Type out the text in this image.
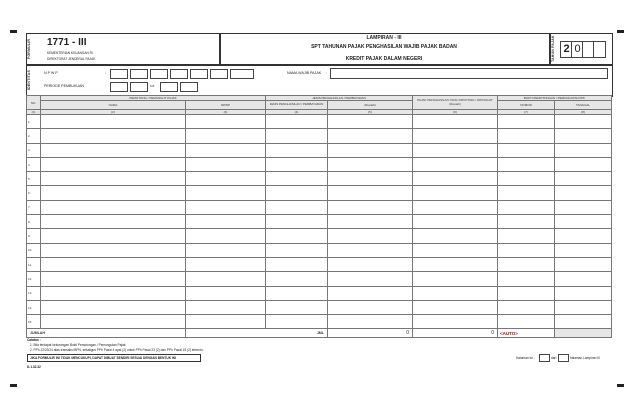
FORMULIR	1771 - III
KEMENTERIAN KEUANGAN RI
DIREKTORAT JENDERAL PAJAK
LAMPIRAN - III
SPT TAHUNAN PAJAK PENGHASILAN WAJIB PAJAK BADAN
KREDIT PAJAK DALAM NEGERI	TAHUN PAJAK 2 0
IDENTITAS	N P W P	:	NAMA WAJIB PAJAK :
PERIODE PEMBUKUAN	:	s.d
NO.	PEMOTONG / PEMUNGUT PAJAK		JENIS PENGHASILAN / PEMBAYARAN		PAJAK PENGHASILAN YANG DIPOTONG / DIPUNGUT (Rupiah)	BUKTI PEMOTONGAN / PEMUNGUTAN PPh	
	NAMA	NPWP	JENIS PENGHASILAN / PEMBAYARAN	(Rupiah)		NOMOR	TANGGAL
(1)	(2)	(3)	(4)	(5)	(6)	(7)	(8)
1.							
2.							
3.							
4.							
5.							
6.							
7.							
8.							
9.							
10.							
11.							
12.							
13.							
14.							
15.							
JUMLAH		JML		0	0	<AUTO>	
Catatan :
1. Bila terdapat kekurangan Bukti Pemotongan / Pemungutan Pajak.
2. PPh 22/23/24 atas transaksi BPN, sekaligus PPh Pasal 4 ayat (2) untuk PPh Pasal 23 (2) dan PPh Pasal 15 (2) tertentu.
JIKA FORMULIR INI TIDAK MENCUKUPI, DAPAT DIBUAT SENDIRI SESUAI DENGAN BENTUK INI	Halaman ke -	dari	halaman Lampiran III
D.1.32.32
